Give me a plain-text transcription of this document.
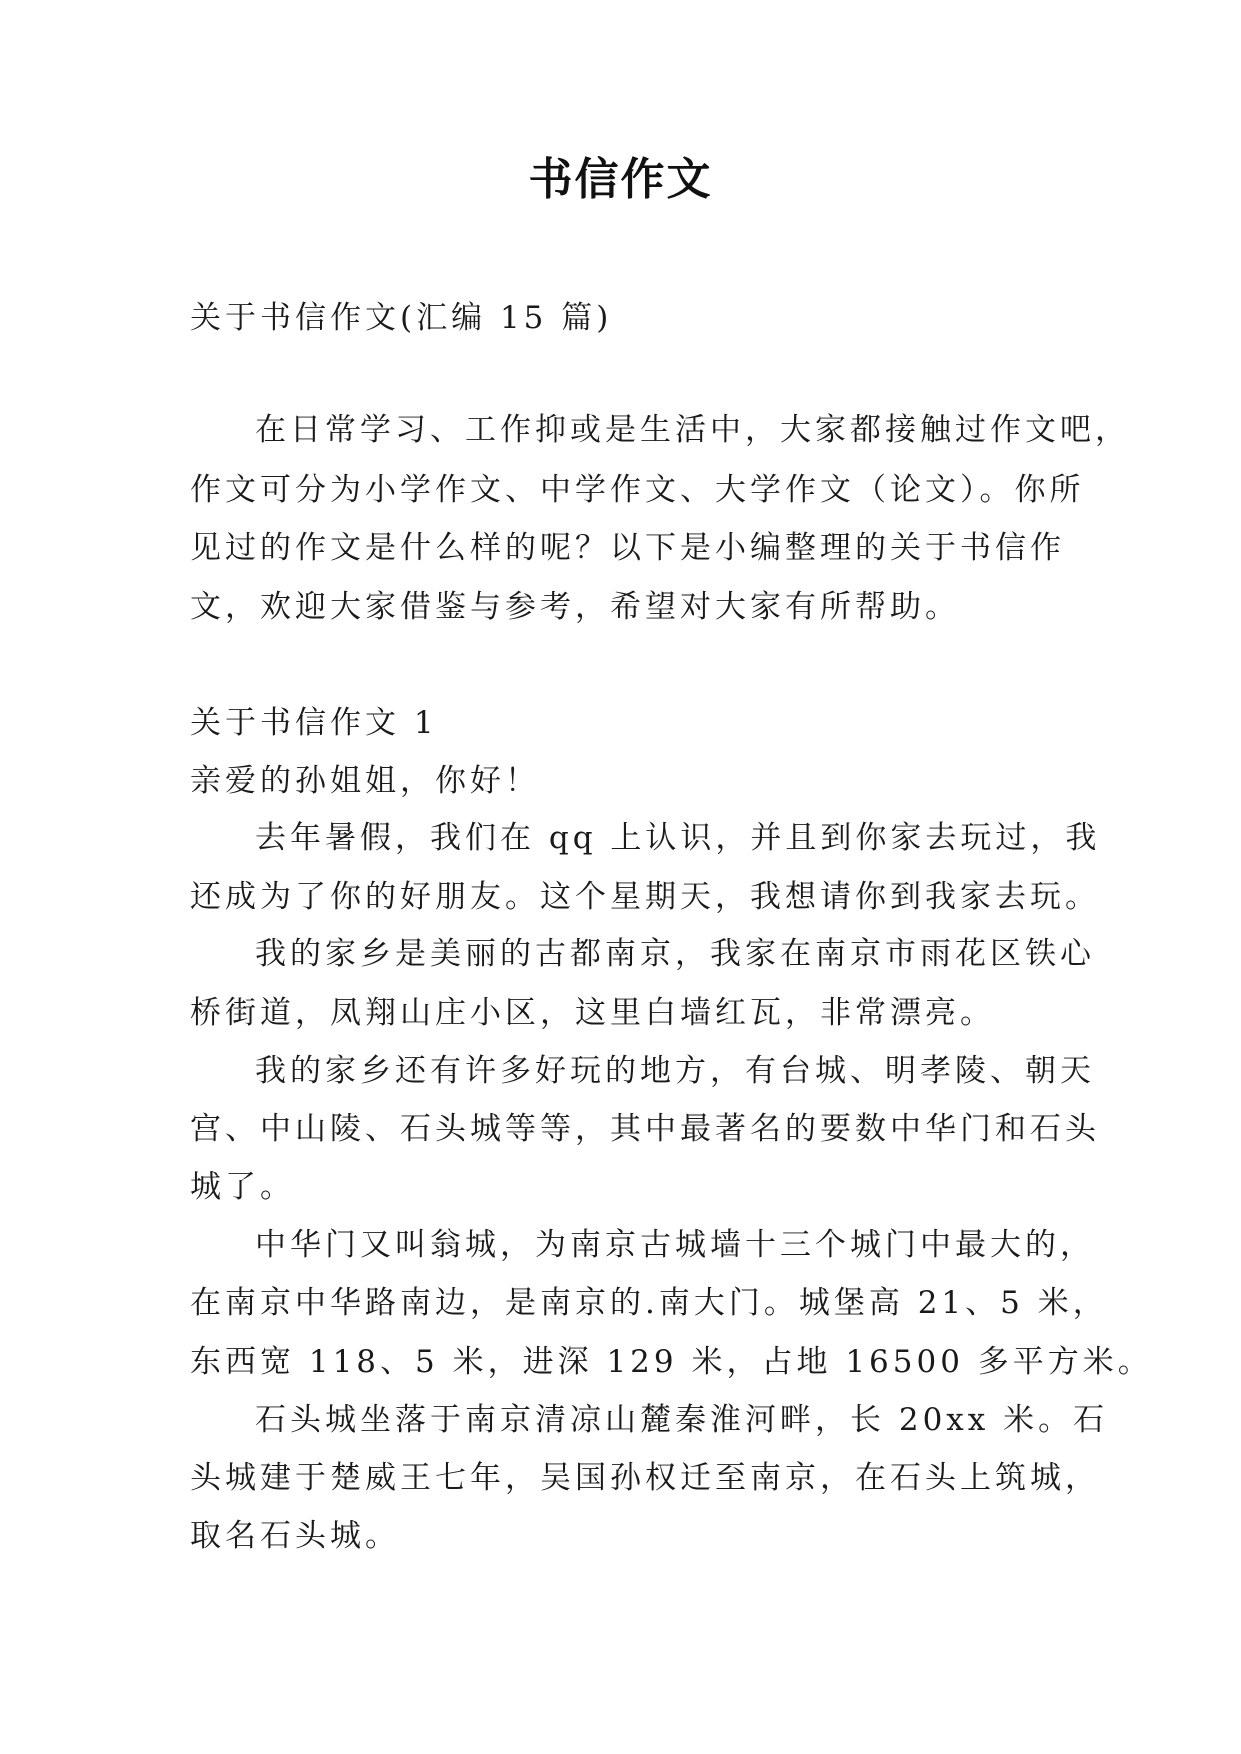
书信作文
关于书信作文(汇编 15 篇)
在日常学习、工作抑或是生活中，大家都接触过作文吧，
作文可分为小学作文、中学作文、大学作文（论文）。你所
见过的作文是什么样的呢？以下是小编整理的关于书信作
文，欢迎大家借鉴与参考，希望对大家有所帮助。
关于书信作文 1
亲爱的孙姐姐，你好！
去年暑假，我们在 qq 上认识，并且到你家去玩过，我
还成为了你的好朋友。这个星期天，我想请你到我家去玩。
我的家乡是美丽的古都南京，我家在南京市雨花区铁心
桥街道，凤翔山庄小区，这里白墙红瓦，非常漂亮。
我的家乡还有许多好玩的地方，有台城、明孝陵、朝天
宫、中山陵、石头城等等，其中最著名的要数中华门和石头
城了。
中华门又叫翁城，为南京古城墙十三个城门中最大的，
在南京中华路南边，是南京的.南大门。城堡高 21、5 米，
东西宽 118、5 米，进深 129 米，占地 16500 多平方米。
石头城坐落于南京清凉山麓秦淮河畔，长 20xx 米。石
头城建于楚威王七年，吴国孙权迁至南京，在石头上筑城，
取名石头城。
